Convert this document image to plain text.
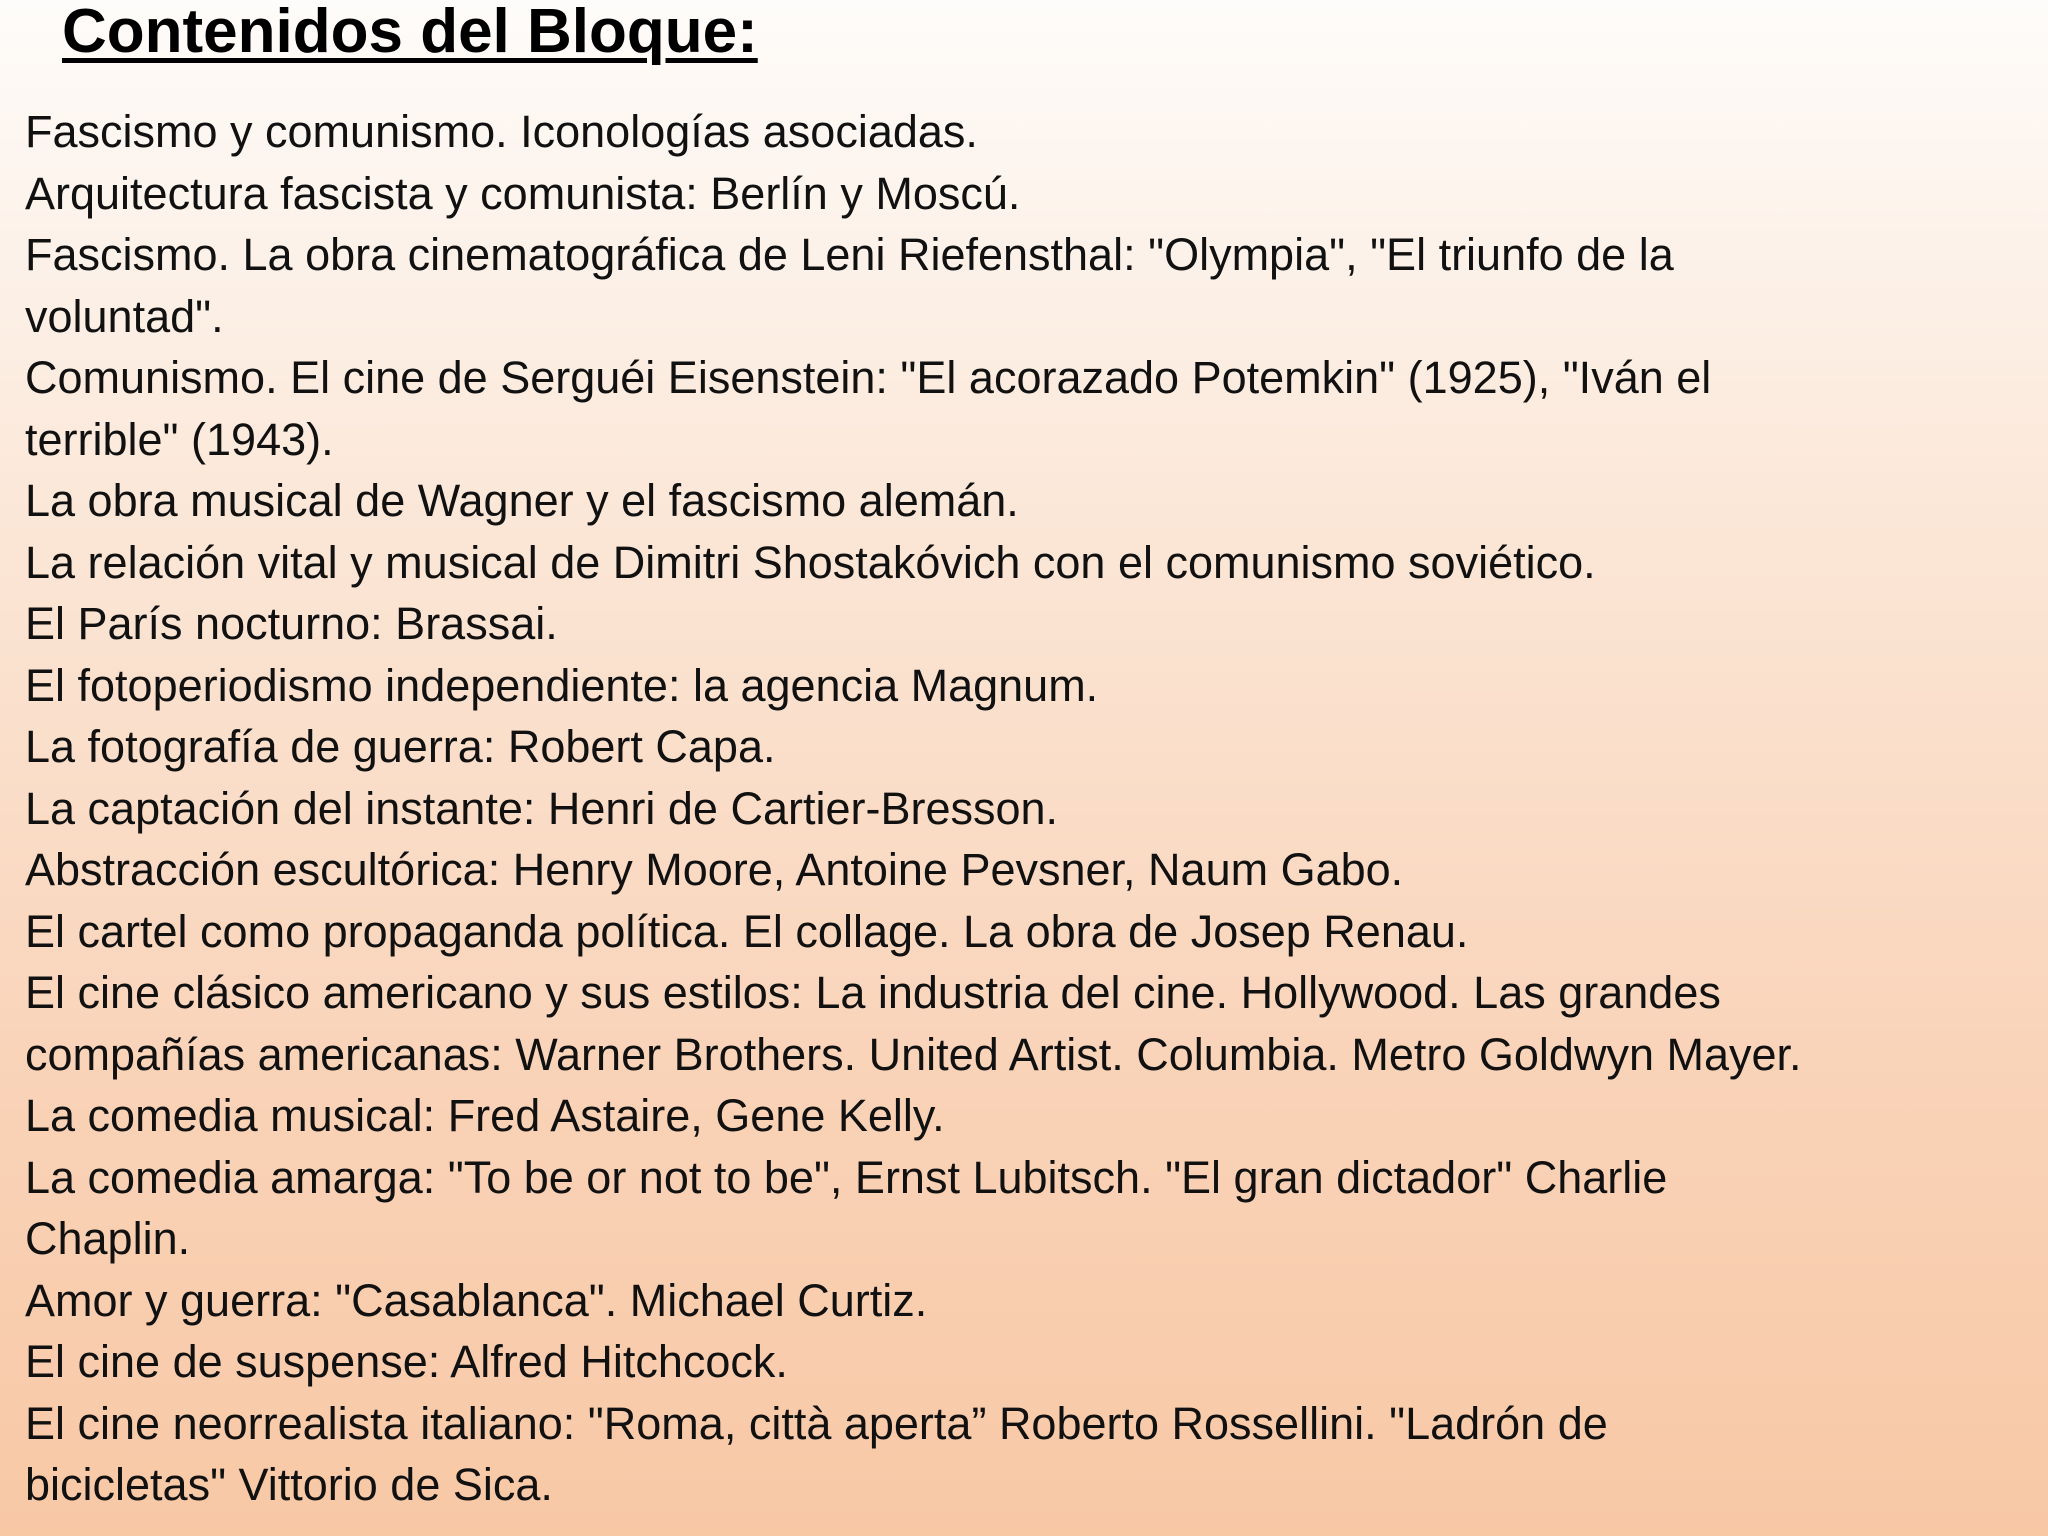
Contenidos del Bloque:
Fascismo y comunismo. Iconologías asociadas.
Arquitectura fascista y comunista: Berlín y Moscú.
Fascismo. La obra cinematográfica de Leni Riefensthal: "Olympia", "El triunfo de la
voluntad".
Comunismo. El cine de Serguéi Eisenstein: "El acorazado Potemkin" (1925), "Iván el
terrible" (1943).
La obra musical de Wagner y el fascismo alemán.
La relación vital y musical de Dimitri Shostakóvich con el comunismo soviético.
El París nocturno: Brassai.
El fotoperiodismo independiente: la agencia Magnum.
La fotografía de guerra: Robert Capa.
La captación del instante: Henri de Cartier-Bresson.
Abstracción escultórica: Henry Moore, Antoine Pevsner, Naum Gabo.
El cartel como propaganda política. El collage. La obra de Josep Renau.
El cine clásico americano y sus estilos: La industria del cine. Hollywood. Las grandes
compañías americanas: Warner Brothers. United Artist. Columbia. Metro Goldwyn Mayer.
La comedia musical: Fred Astaire, Gene Kelly.
La comedia amarga: "To be or not to be", Ernst Lubitsch. "El gran dictador" Charlie
Chaplin.
Amor y guerra: "Casablanca". Michael Curtiz.
El cine de suspense: Alfred Hitchcock.
El cine neorrealista italiano: "Roma, città aperta” Roberto Rossellini. "Ladrón de
bicicletas" Vittorio de Sica.
